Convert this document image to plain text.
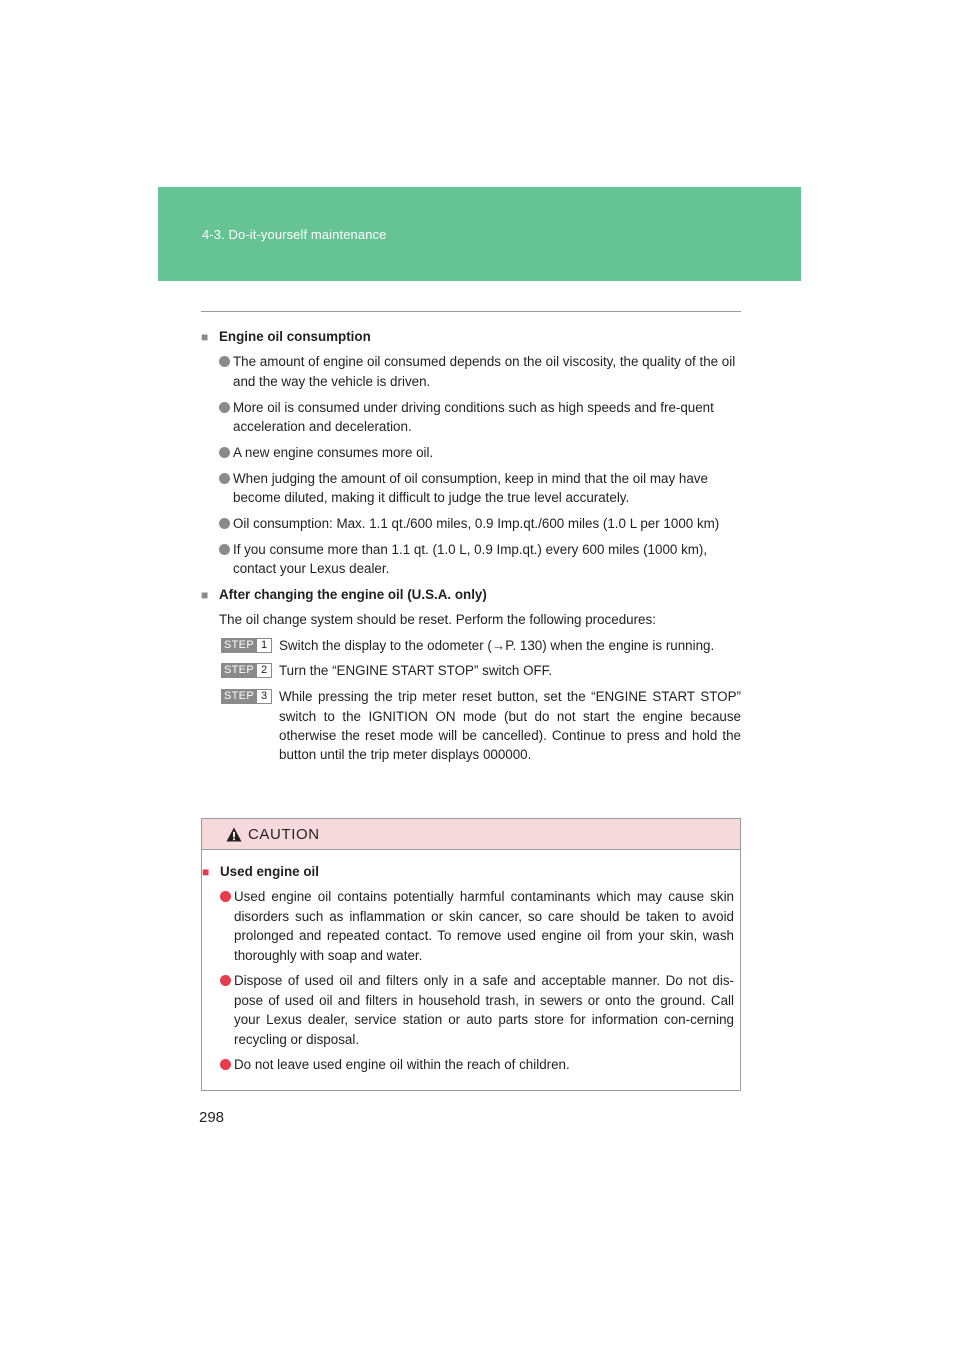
4-3. Do-it-yourself maintenance
■ Engine oil consumption
The amount of engine oil consumed depends on the oil viscosity, the quality of the oil and the way the vehicle is driven.
More oil is consumed under driving conditions such as high speeds and fre-quent acceleration and deceleration.
A new engine consumes more oil.
When judging the amount of oil consumption, keep in mind that the oil may have become diluted, making it difficult to judge the true level accurately.
Oil consumption: Max. 1.1 qt./600 miles, 0.9 Imp.qt./600 miles (1.0 L per 1000 km)
If you consume more than 1.1 qt. (1.0 L, 0.9 Imp.qt.) every 600 miles (1000 km), contact your Lexus dealer.
■ After changing the engine oil (U.S.A. only)
The oil change system should be reset. Perform the following procedures:
STEP 1 Switch the display to the odometer (→P. 130) when the engine is running.
STEP 2 Turn the “ENGINE START STOP” switch OFF.
STEP 3 While pressing the trip meter reset button, set the “ENGINE START STOP” switch to the IGNITION ON mode (but do not start the engine because otherwise the reset mode will be cancelled). Continue to press and hold the button until the trip meter displays 000000.
CAUTION
■ Used engine oil
Used engine oil contains potentially harmful contaminants which may cause skin disorders such as inflammation or skin cancer, so care should be taken to avoid prolonged and repeated contact. To remove used engine oil from your skin, wash thoroughly with soap and water.
Dispose of used oil and filters only in a safe and acceptable manner. Do not dis-pose of used oil and filters in household trash, in sewers or onto the ground. Call your Lexus dealer, service station or auto parts store for information con-cerning recycling or disposal.
Do not leave used engine oil within the reach of children.
298
